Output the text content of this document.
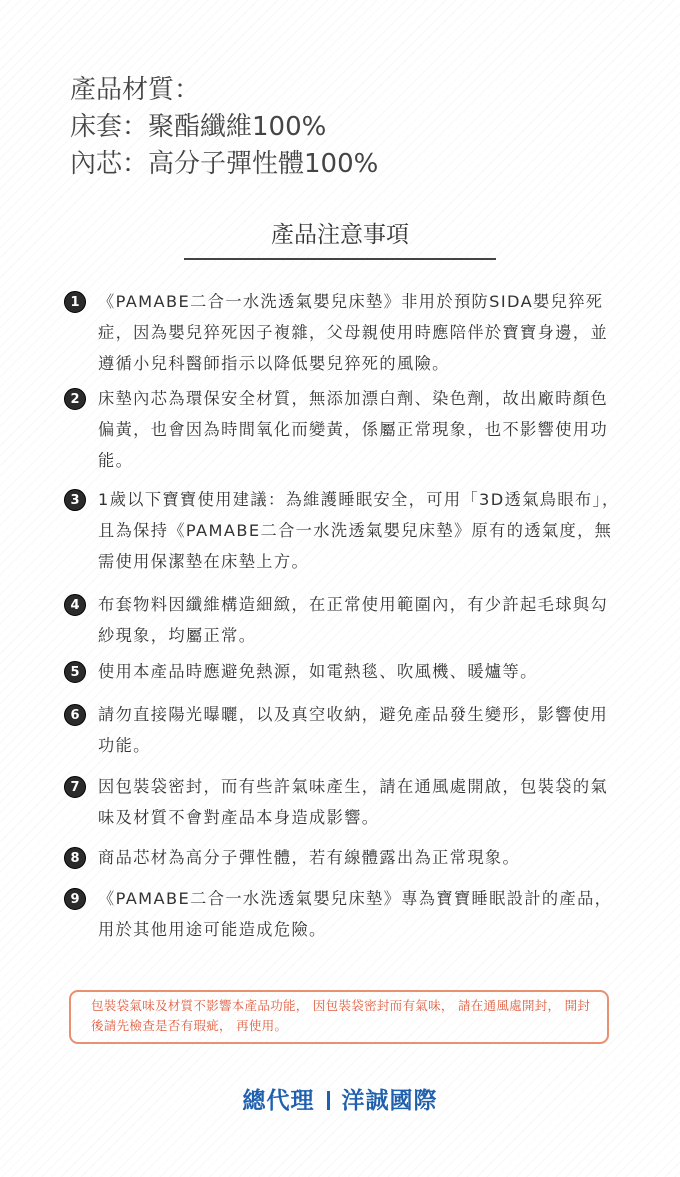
產品材質：
床套：聚酯纖維100%
內芯：高分子彈性體100%
產品注意事項
1	《PAMABE二合一水洗透氣嬰兒床墊》非用於預防SIDA嬰兒猝死症，因為嬰兒猝死因子複雜，父母親使用時應陪伴於寶寶身邊，並遵循小兒科醫師指示以降低嬰兒猝死的風險。
2	床墊內芯為環保安全材質，無添加漂白劑、染色劑，故出廠時顏色偏黃，也會因為時間氧化而變黃，係屬正常現象，也不影響使用功能。
3	1歲以下寶寶使用建議：為維護睡眠安全，可用「3D透氣鳥眼布」，且為保持《PAMABE二合一水洗透氣嬰兒床墊》原有的透氣度，無需使用保潔墊在床墊上方。
4	布套物料因纖維構造細緻，在正常使用範圍內，有少許起毛球與勾紗現象，均屬正常。
5	使用本產品時應避免熱源，如電熱毯、吹風機、暖爐等。
6	請勿直接陽光曝曬，以及真空收納，避免產品發生變形，影響使用功能。
7	因包裝袋密封，而有些許氣味產生，請在通風處開啟，包裝袋的氣味及材質不會對產品本身造成影響。
8	商品芯材為高分子彈性體，若有線體露出為正常現象。
9	《PAMABE二合一水洗透氣嬰兒床墊》專為寶寶睡眠設計的產品，用於其他用途可能造成危險。
包裝袋氣味及材質不影響本產品功能， 因包裝袋密封而有氣味， 請在通風處開封， 開封後請先檢查是否有瑕疵， 再使用。
總代理 洋誠國際
